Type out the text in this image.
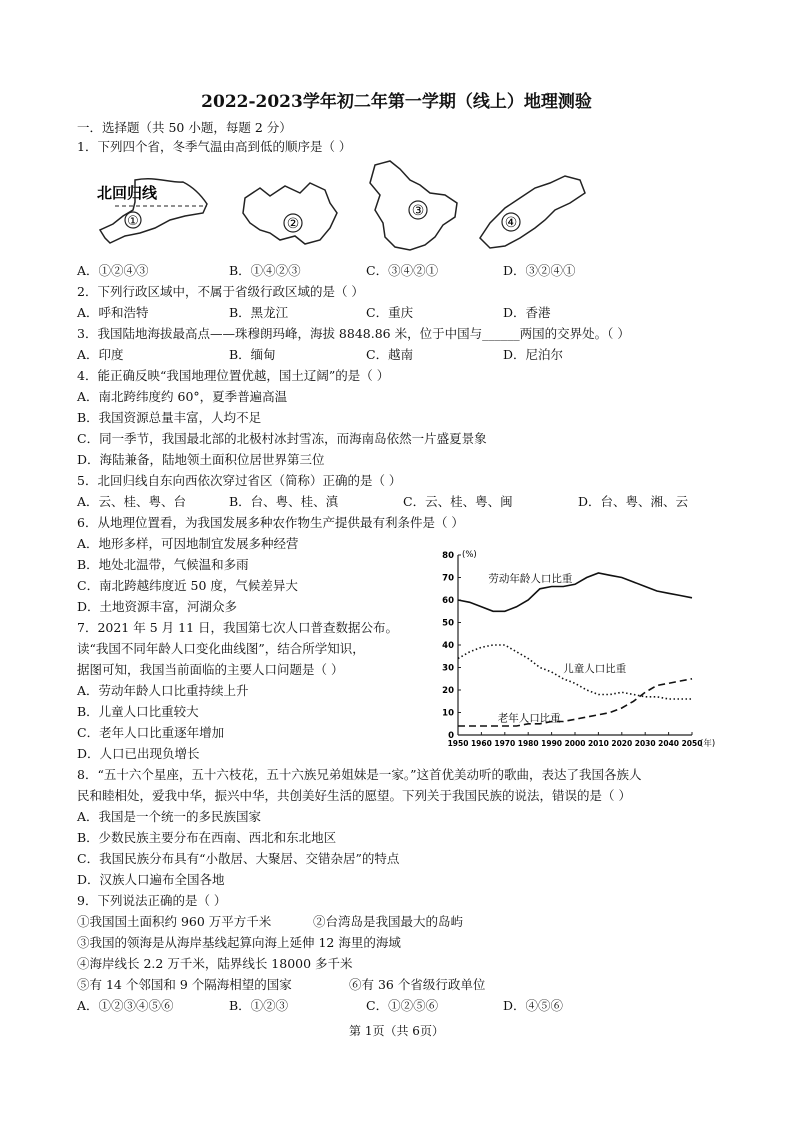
2022-2023学年初二年第一学期（线上）地理测验
一．选择题（共 50 小题，每题 2 分）
1．下列四个省，冬季气温由高到低的顺序是（ ）
北回归线
①	②
③
④
A．①②④③	B．①④②③	C．③④②①	D．③②④①
2．下列行政区域中，不属于省级行政区域的是（ ）
A．呼和浩特	B．黑龙江	C．重庆	D．香港
3．我国陆地海拔最高点——珠穆朗玛峰，海拔 8848.86 米，位于中国与______两国的交界处。（ ）
A．印度	B．缅甸	C．越南	D．尼泊尔
4．能正确反映“我国地理位置优越，国土辽阔”的是（ ）
A．南北跨纬度约 60°，夏季普遍高温
B．我国资源总量丰富，人均不足
C．同一季节，我国最北部的北极村冰封雪冻，而海南岛依然一片盛夏景象
D．海陆兼备，陆地领土面积位居世界第三位
5．北回归线自东向西依次穿过省区（简称）正确的是（ ）
A．云、桂、粤、台	B．台、粤、桂、滇	C．云、桂、粤、闽	D．台、粤、湘、云
6．从地理位置看，为我国发展多种农作物生产提供最有利条件是（ ）
A．地形多样，可因地制宜发展多种经营
B．地处北温带，气候温和多雨
C．南北跨越纬度近 50 度，气候差异大
D．土地资源丰富，河湖众多
7．2021 年 5 月 11 日，我国第七次人口普查数据公布。
读“我国不同年龄人口变化曲线图”，结合所学知识，
据图可知，我国当前面临的主要人口问题是（ ）
A．劳动年龄人口比重持续上升
B．儿童人口比重较大
C．老年人口比重逐年增加
D．人口已出现负增长
0
10
20
30
40
50
60
70
80
1950 1960 1970 1980 1990 2000 2010 2020 2030 2040 2050
(%)
(年)
劳动年龄人口比重
儿童人口比重
老年人口比重
8．“五十六个星座，五十六枝花，五十六族兄弟姐妹是一家。”这首优美动听的歌曲，表达了我国各族人
民和睦相处，爱我中华，振兴中华，共创美好生活的愿望。下列关于我国民族的说法，错误的是（ ）
A．我国是一个统一的多民族国家
B．少数民族主要分布在西南、西北和东北地区
C．我国民族分布具有“小散居、大聚居、交错杂居”的特点
D．汉族人口遍布全国各地
9．下列说法正确的是（ ）
①我国国土面积约 960 万平方千米	②台湾岛是我国最大的岛屿
③我国的领海是从海岸基线起算向海上延伸 12 海里的海域
④海岸线长 2.2 万千米，陆界线长 18000 多千米
⑤有 14 个邻国和 9 个隔海相望的国家	⑥有 36 个省级行政单位
A．①②③④⑤⑥	B．①②③	C．①②⑤⑥	D．④⑤⑥
第 1页（共 6页）
